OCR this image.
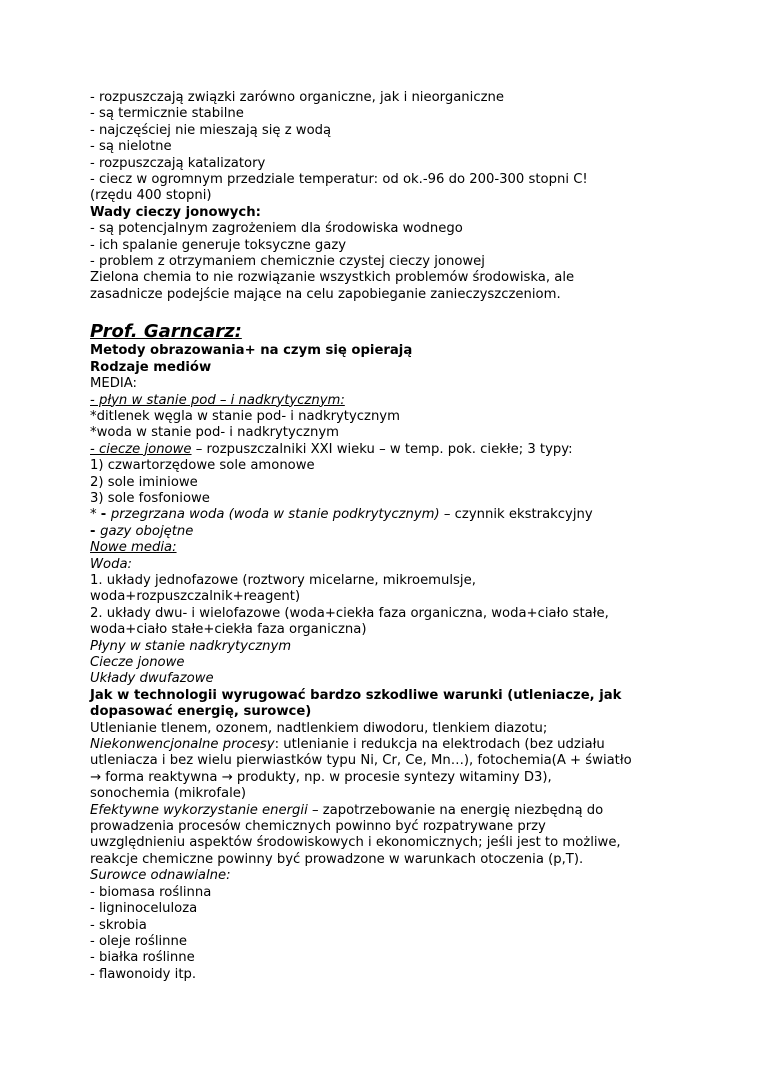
- rozpuszczają związki zarówno organiczne, jak i nieorganiczne
- są termicznie stabilne
- najczęściej nie mieszają się z wodą
- są nielotne
- rozpuszczają katalizatory
- ciecz w ogromnym przedziale temperatur: od ok.-96 do 200-300 stopni C!
(rzędu 400 stopni)
Wady cieczy jonowych:
- są potencjalnym zagrożeniem dla środowiska wodnego
- ich spalanie generuje toksyczne gazy
- problem z otrzymaniem chemicznie czystej cieczy jonowej
Zielona chemia to nie rozwiązanie wszystkich problemów środowiska, ale
zasadnicze podejście mające na celu zapobieganie zanieczyszczeniom.
Prof. Garncarz:
Metody obrazowania+ na czym się opierają
Rodzaje mediów
MEDIA:
- płyn w stanie pod – i nadkrytycznym:
*ditlenek węgla w stanie pod- i nadkrytycznym
*woda w stanie pod- i nadkrytycznym
- ciecze jonowe – rozpuszczalniki XXI wieku – w temp. pok. ciekłe; 3 typy:
1) czwartorzędowe sole amonowe
2) sole iminiowe
3) sole fosfoniowe
* - przegrzana woda (woda w stanie podkrytycznym) – czynnik ekstrakcyjny
- gazy obojętne
Nowe media:
Woda:
1. układy jednofazowe (roztwory micelarne, mikroemulsje,
woda+rozpuszczalnik+reagent)
2. układy dwu- i wielofazowe (woda+ciekła faza organiczna, woda+ciało stałe,
woda+ciało stałe+ciekła faza organiczna)
Płyny w stanie nadkrytycznym
Ciecze jonowe
Układy dwufazowe
Jak w technologii wyrugować bardzo szkodliwe warunki (utleniacze, jak
dopasować energię, surowce)
Utlenianie tlenem, ozonem, nadtlenkiem diwodoru, tlenkiem diazotu;
Niekonwencjonalne procesy: utlenianie i redukcja na elektrodach (bez udziału
utleniacza i bez wielu pierwiastków typu Ni, Cr, Ce, Mn…), fotochemia(A + światło
→ forma reaktywna → produkty, np. w procesie syntezy witaminy D3),
sonochemia (mikrofale)
Efektywne wykorzystanie energii – zapotrzebowanie na energię niezbędną do
prowadzenia procesów chemicznych powinno być rozpatrywane przy
uwzględnieniu aspektów środowiskowych i ekonomicznych; jeśli jest to możliwe,
reakcje chemiczne powinny być prowadzone w warunkach otoczenia (p,T).
Surowce odnawialne:
- biomasa roślinna
- ligninoceluloza
- skrobia
- oleje roślinne
- białka roślinne
- flawonoidy itp.
